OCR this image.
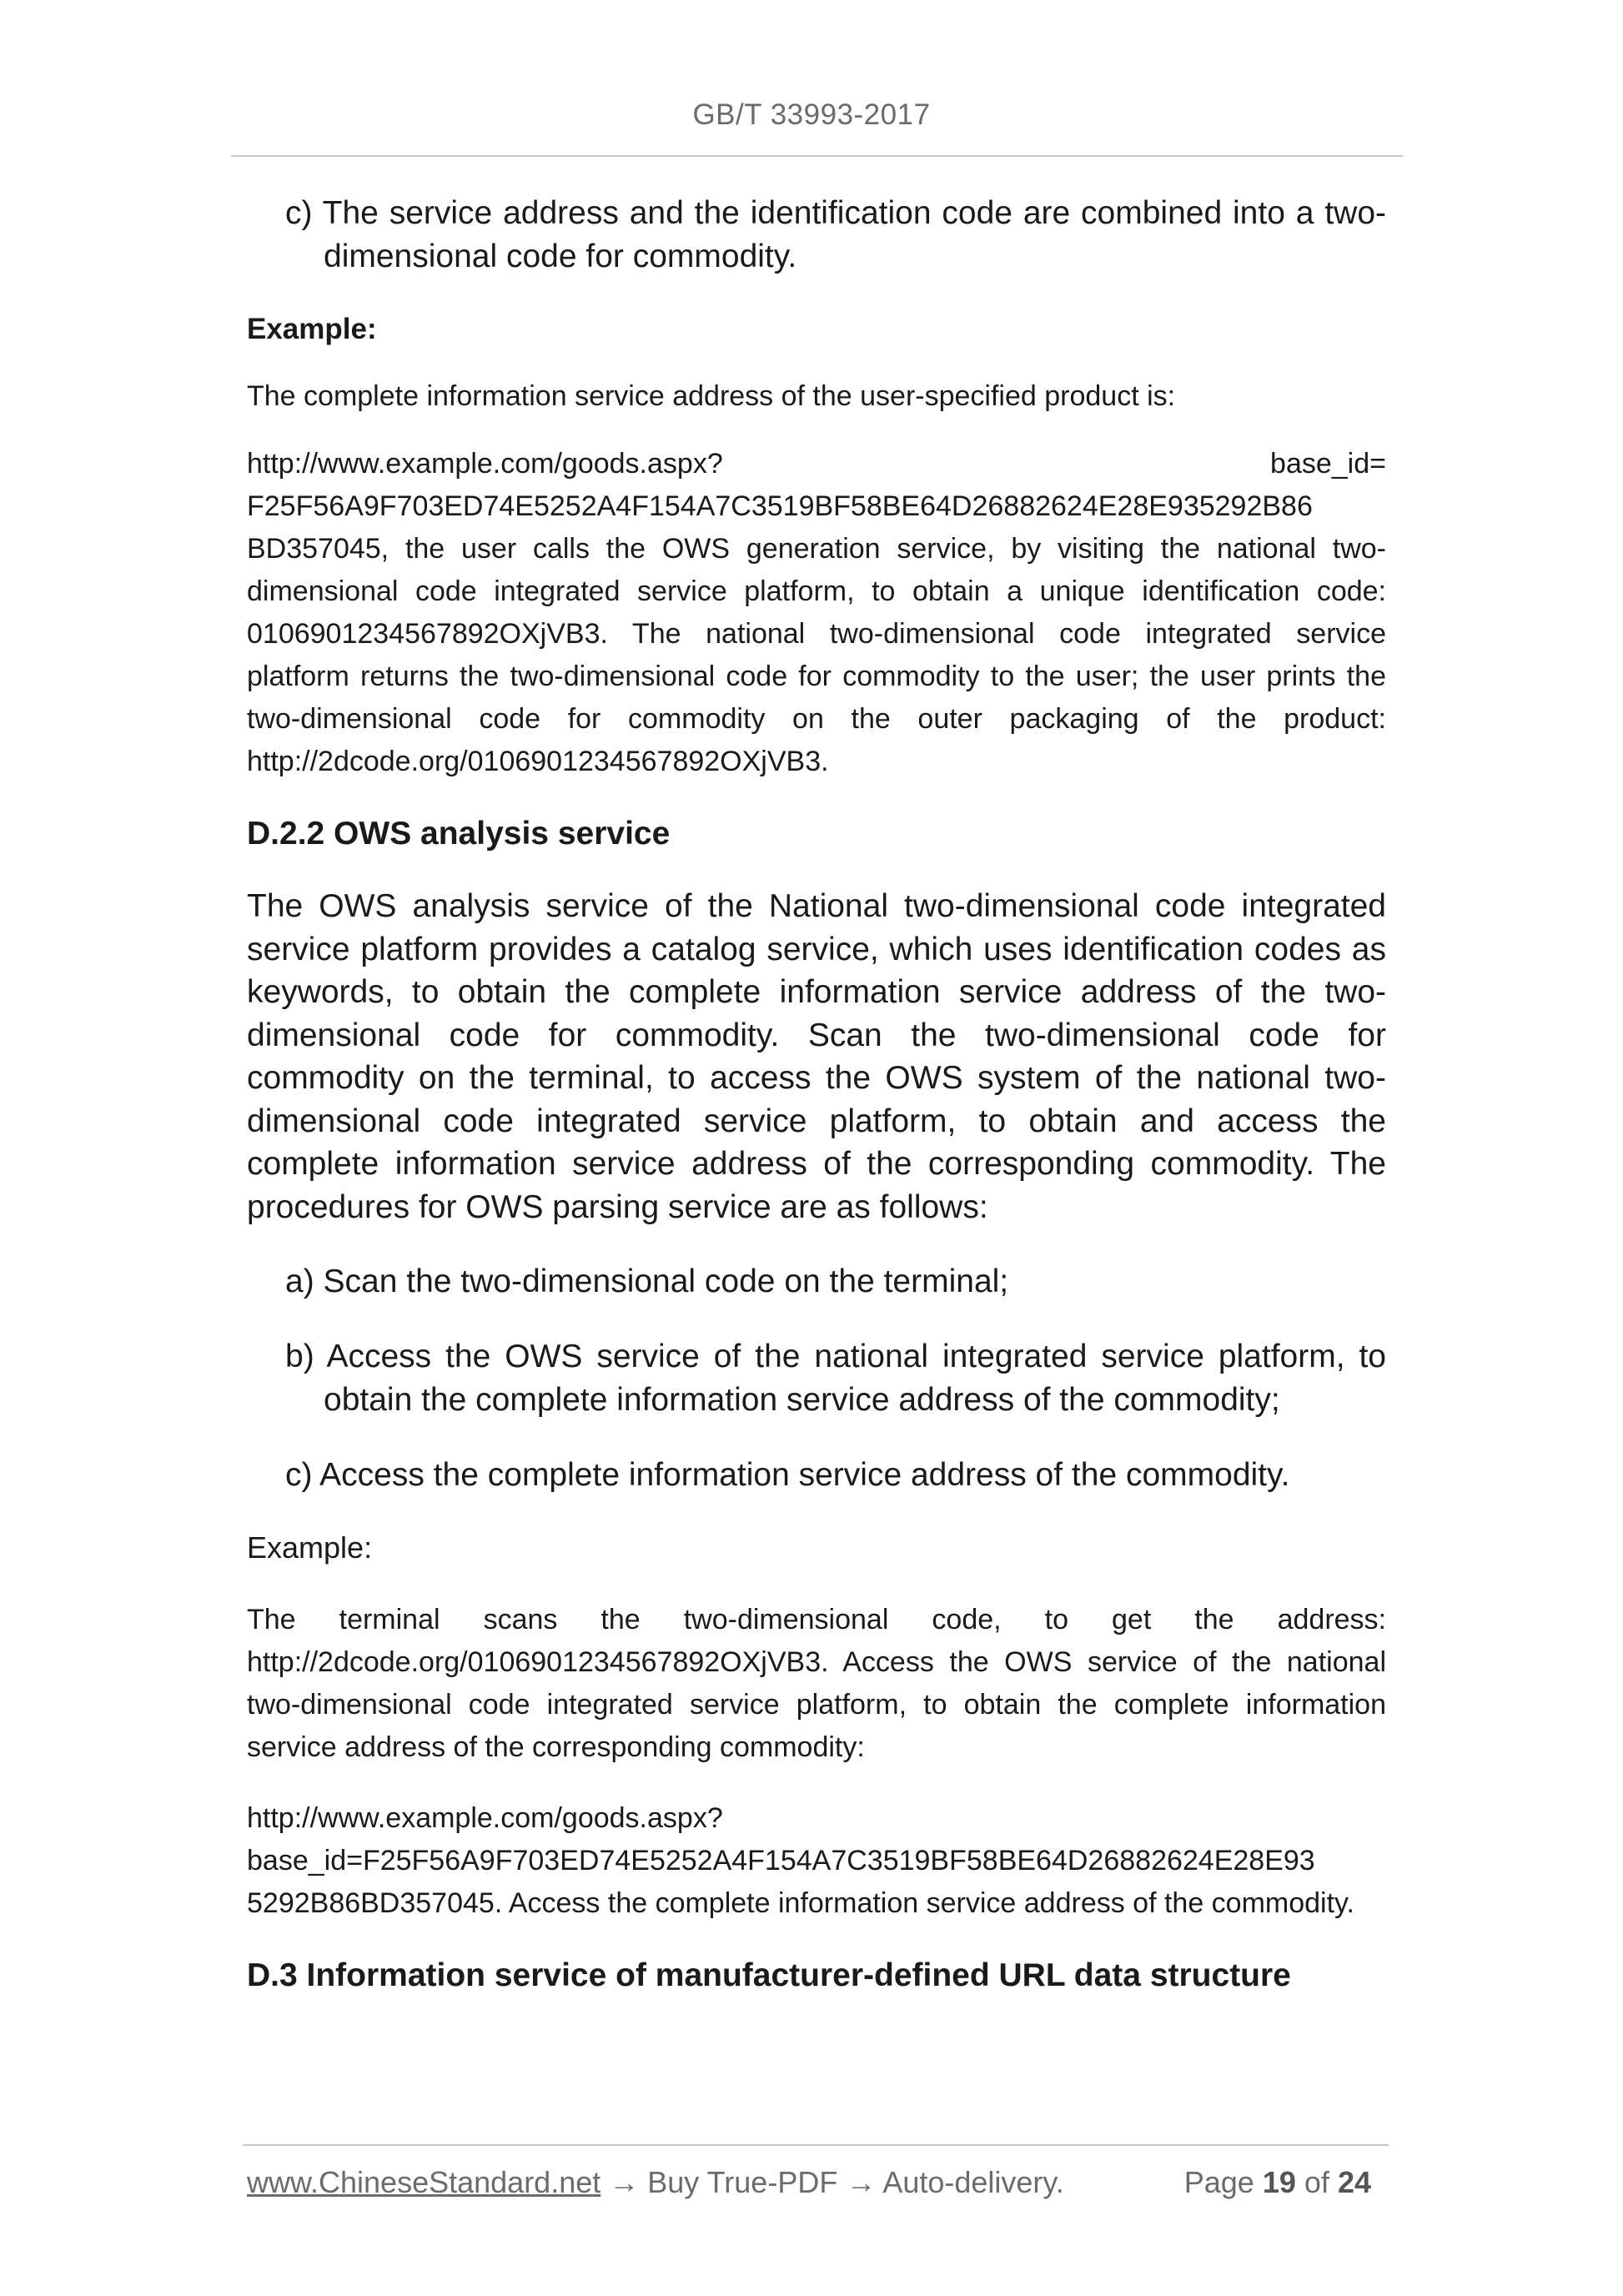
GB/T 33993-2017

c) The service address and the identification code are combined into a two-dimensional code for commodity.

Example:

The complete information service address of the user-specified product is:

http://www.example.com/goods.aspx?	base_id=

F25F56A9F703ED74E5252A4F154A7C3519BF58BE64D26882624E28E935292B86 BD357045, the user calls the OWS generation service, by visiting the national two-dimensional code integrated service platform, to obtain a unique identification code: 0106901234567892OXjVB3. The national two-dimensional code integrated service platform returns the two-dimensional code for commodity to the user; the user prints the two-dimensional code for commodity on the outer packaging of the product: http://2dcode.org/0106901234567892OXjVB3.

D.2.2 OWS analysis service

The OWS analysis service of the National two-dimensional code integrated service platform provides a catalog service, which uses identification codes as keywords, to obtain the complete information service address of the two-dimensional code for commodity. Scan the two-dimensional code for commodity on the terminal, to access the OWS system of the national two-dimensional code integrated service platform, to obtain and access the complete information service address of the corresponding commodity. The procedures for OWS parsing service are as follows:

a) Scan the two-dimensional code on the terminal;

b) Access the OWS service of the national integrated service platform, to obtain the complete information service address of the commodity;

c) Access the complete information service address of the commodity.

Example:

The terminal scans the two-dimensional code, to get the address: http://2dcode.org/0106901234567892OXjVB3. Access the OWS service of the national two-dimensional code integrated service platform, to obtain the complete information service address of the corresponding commodity:

http://www.example.com/goods.aspx?

base_id=F25F56A9F703ED74E5252A4F154A7C3519BF58BE64D26882624E28E93 5292B86BD357045. Access the complete information service address of the commodity.

D.3 Information service of manufacturer-defined URL data structure

www.ChineseStandard.net → Buy True-PDF → Auto-delivery.	Page 19 of 24
